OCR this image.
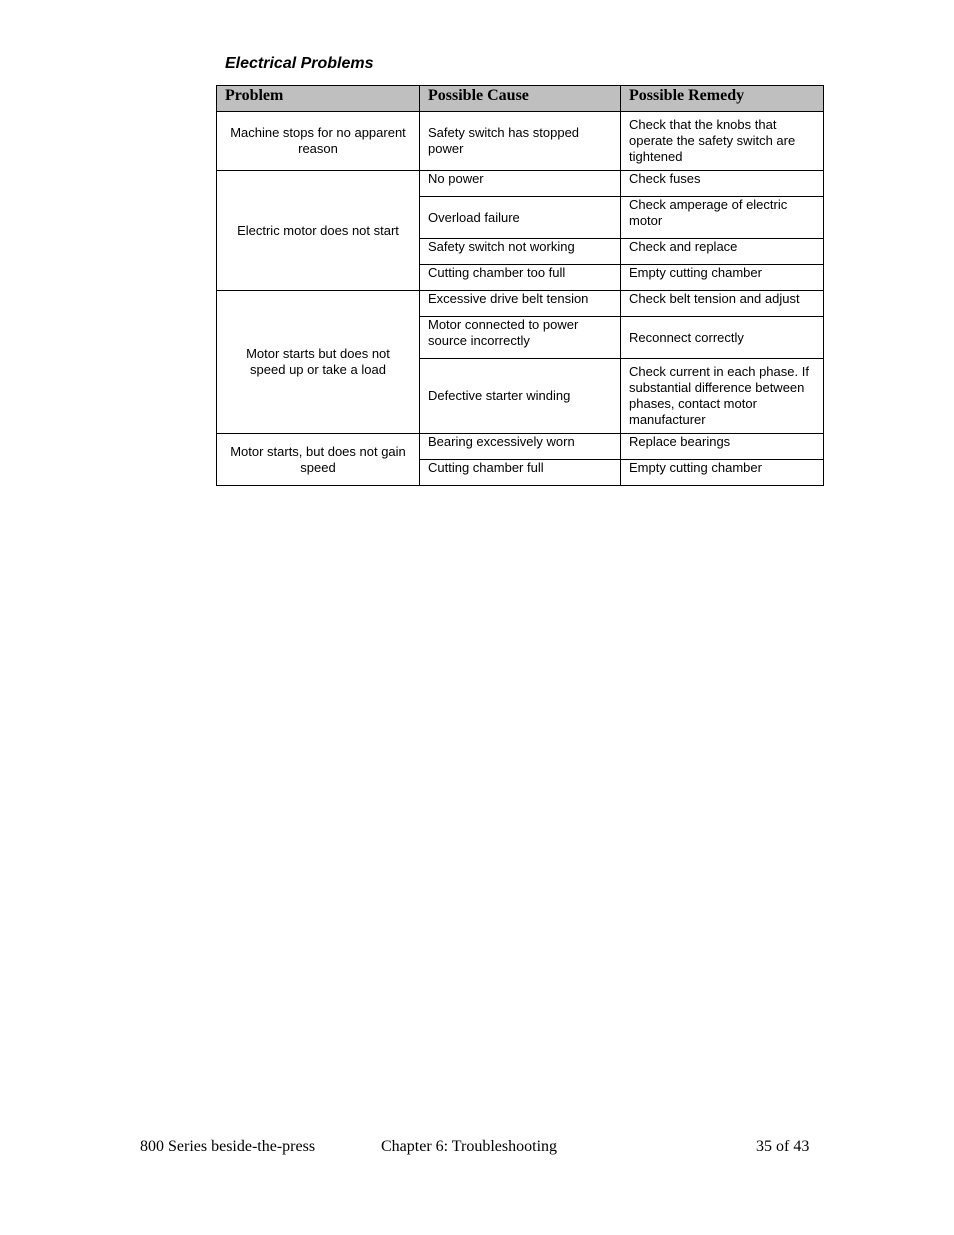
Electrical Problems
Problem	Possible Cause	Possible Remedy
Machine stops for no apparent reason	Safety switch has stopped power	Check that the knobs that operate the safety switch are tightened
Electric motor does not start	No power	Check fuses
	Overload failure	Check amperage of electric motor
	Safety switch not working	Check and replace
	Cutting chamber too full	Empty cutting chamber
Motor starts but does not speed up or take a load	Excessive drive belt tension	Check belt tension and adjust
	Motor connected to power source incorrectly	Reconnect correctly
	Defective starter winding	Check current in each phase. If substantial difference between phases, contact motor manufacturer
Motor starts, but does not gain speed	Bearing excessively worn	Replace bearings
	Cutting chamber full	Empty cutting chamber

800 Series beside-the-press	Chapter 6: Troubleshooting	35 of 43
